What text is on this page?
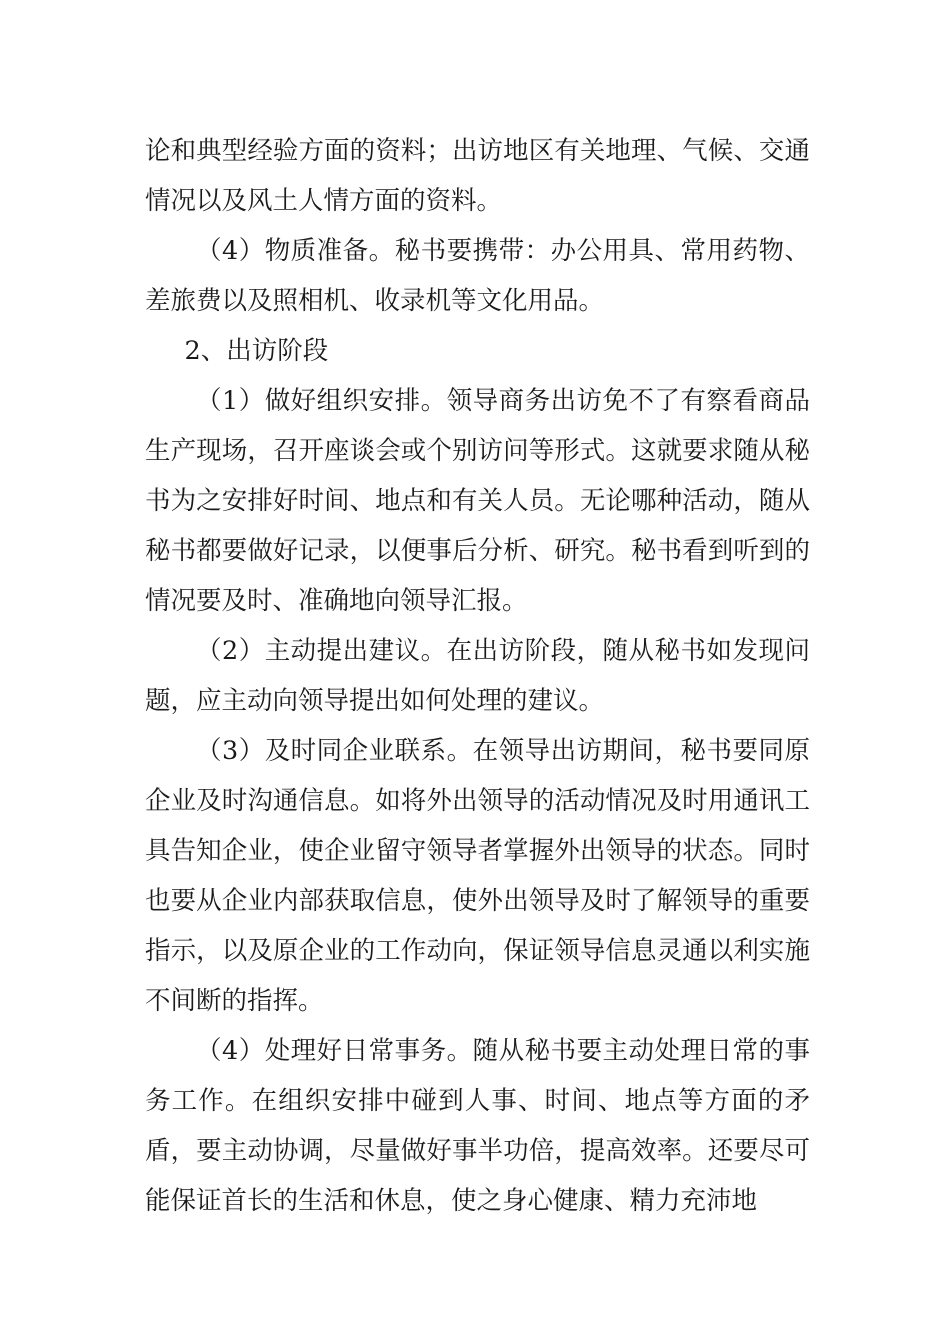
论和典型经验方面的资料；出访地区有关地理、气候、交通情况以及风土人情方面的资料。

（4）物质准备。秘书要携带：办公用具、常用药物、差旅费以及照相机、收录机等文化用品。

2、出访阶段

（1）做好组织安排。领导商务出访免不了有察看商品生产现场，召开座谈会或个别访问等形式。这就要求随从秘书为之安排好时间、地点和有关人员。无论哪种活动，随从秘书都要做好记录，以便事后分析、研究。秘书看到听到的情况要及时、准确地向领导汇报。

（2）主动提出建议。在出访阶段，随从秘书如发现问题，应主动向领导提出如何处理的建议。

（3）及时同企业联系。在领导出访期间，秘书要同原企业及时沟通信息。如将外出领导的活动情况及时用通讯工具告知企业，使企业留守领导者掌握外出领导的状态。同时也要从企业内部获取信息，使外出领导及时了解领导的重要指示，以及原企业的工作动向，保证领导信息灵通以利实施不间断的指挥。

（4）处理好日常事务。随从秘书要主动处理日常的事务工作。在组织安排中碰到人事、时间、地点等方面的矛盾，要主动协调，尽量做好事半功倍，提高效率。还要尽可能保证首长的生活和休息，使之身心健康、精力充沛地
